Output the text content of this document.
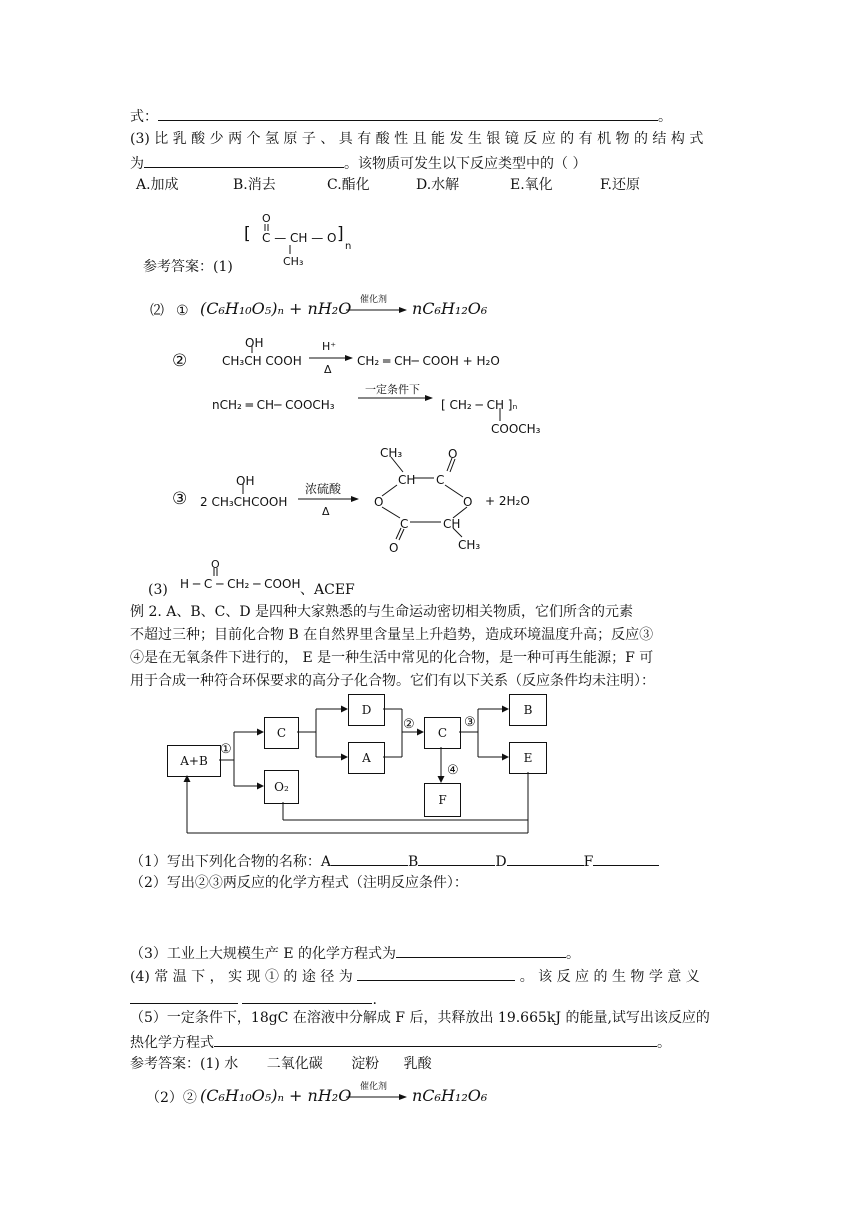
式：	。
(3) 比 乳 酸 少 两 个 氢 原 子 、 具 有 酸 性 且 能 发 生 银 镜 反 应 的 有 机 物 的 结 构 式
为	。该物质可发生以下反应类型中的（ ）
A.加成	B.消去	C.酯化	D.水解	E.氧化	F.还原
参考答案：(1)
[
O
C — CH — O
CH₃
]
n
⑵ ① (C₆H₁₀O₅)ₙ + nH₂O 催化剂 nC₆H₁₂O₆
②
OH
CH₃CH COOH
H⁺
Δ
CH₂ ═ CH─ COOH + H₂O
nCH₂ ═ CH─ COOCH₃
一定条件下
[ CH₂ ─ CH ]ₙ
COOCH₃
③
OH
2 CH₃CHCOOH
浓硫酸
Δ
CH₃
CH C
O
O	O
C	CH
O	CH₃
+ 2H₂O
(3)
O
H ─ C ─ CH₂ ─ COOH 、ACEF
例 2. A、B、C、D 是四种大家熟悉的与生命运动密切相关物质，它们所含的元素
不超过三种；目前化合物 B 在自然界里含量呈上升趋势，造成环境温度升高；反应③
④是在无氧条件下进行的， E 是一种生活中常见的化合物，是一种可再生能源；F 可
用于合成一种符合环保要求的高分子化合物。它们有以下关系（反应条件均未注明）：
A+B
C
O₂
D
A
C
B
E
F
①
②	③
④
（1）写出下列化合物的名称：A	B	D	F
（2）写出②③两反应的化学方程式（注明反应条件）：
（3）工业上大规模生产 E 的化学方程式为	。
(4) 常 温 下 ， 实 现 ① 的 途 径 为	。 该 反 应 的 生 物 学 意 义
.
（5）一定条件下，18gC 在溶液中分解成 F 后，共释放出 19.665kJ 的能量,试写出该反应的
热化学方程式	。
参考答案：(1) 水 二氧化碳 淀粉 乳酸
（2）② (C₆H₁₀O₅)ₙ + nH₂O 催化剂 nC₆H₁₂O₆
